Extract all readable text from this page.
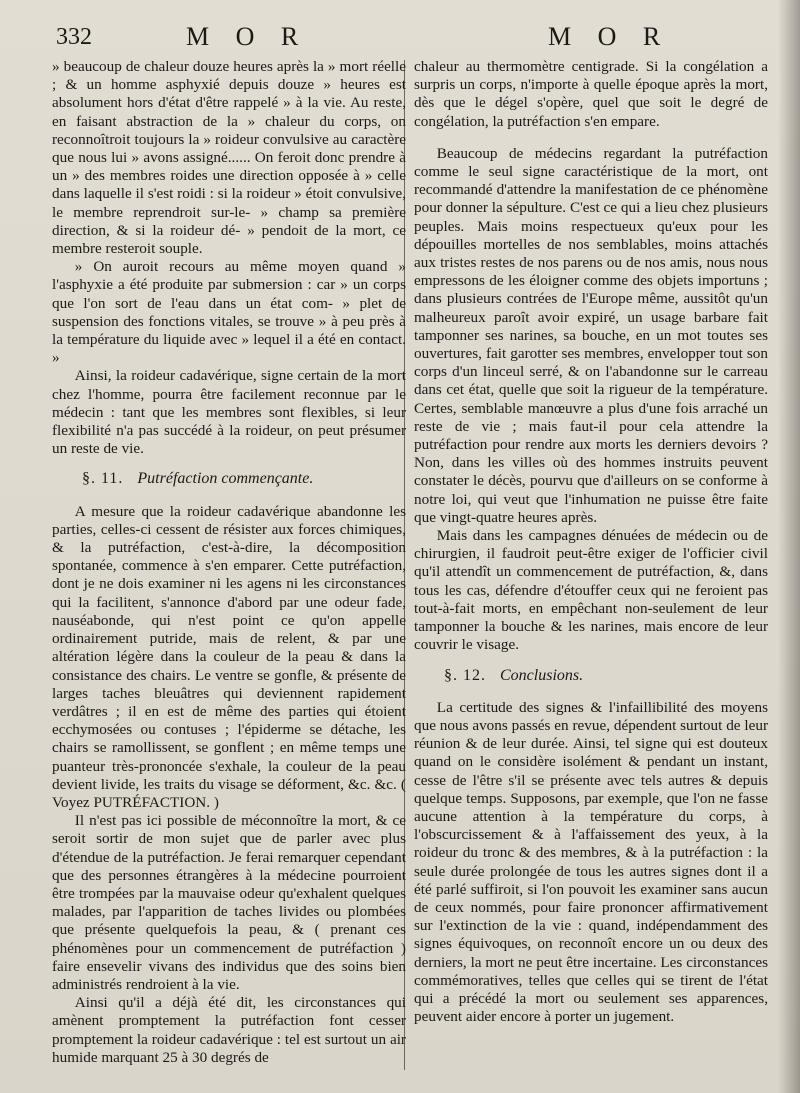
332	M O R	M O R

» beaucoup de chaleur douze heures après la » mort réelle ; & un homme asphyxié depuis douze » heures est absolument hors d'état d'être rappelé » à la vie. Au reste, en faisant abstraction de la » chaleur du corps, on reconnoîtroit toujours la » roideur convulsive au caractère que nous lui » avons assigné...... On feroit donc prendre à un » des membres roides une direction opposée à » celle dans laquelle il s'est roidi : si la roideur » étoit convulsive, le membre reprendroit sur-le- » champ sa première direction, & si la roideur dé- » pendoit de la mort, ce membre resteroit souple.

» On auroit recours au même moyen quand » l'asphyxie a été produite par submersion : car » un corps que l'on sort de l'eau dans un état com- » plet de suspension des fonctions vitales, se trouve » à peu près à la température du liquide avec » lequel il a été en contact. »

Ainsi, la roideur cadavérique, signe certain de la mort chez l'homme, pourra être facilement reconnue par le médecin : tant que les membres sont flexibles, si leur flexibilité n'a pas succédé à la roideur, on peut présumer un reste de vie.

§. 11. Putréfaction commençante.

A mesure que la roideur cadavérique abandonne les parties, celles-ci cessent de résister aux forces chimiques, & la putréfaction, c'est-à-dire, la décomposition spontanée, commence à s'en emparer. Cette putréfaction, dont je ne dois examiner ni les agens ni les circonstances qui la facilitent, s'annonce d'abord par une odeur fade, nauséabonde, qui n'est point ce qu'on appelle ordinairement putride, mais de relent, & par une altération légère dans la couleur de la peau & dans la consistance des chairs. Le ventre se gonfle, & présente de larges taches bleuâtres qui deviennent rapidement verdâtres ; il en est de même des parties qui étoient ecchymosées ou contuses ; l'épiderme se détache, les chairs se ramollissent, se gonflent ; en même temps une puanteur très-prononcée s'exhale, la couleur de la peau devient livide, les traits du visage se déforment, &c. &c. ( Voyez PUTRÉFACTION. )

Il n'est pas ici possible de méconnoître la mort, & ce seroit sortir de mon sujet que de parler avec plus d'étendue de la putréfaction. Je ferai remarquer cependant que des personnes étrangères à la médecine pourroient être trompées par la mauvaise odeur qu'exhalent quelques malades, par l'apparition de taches livides ou plombées que présente quelquefois la peau, & ( prenant ces phénomènes pour un commencement de putréfaction ) faire ensevelir vivans des individus que des soins bien administrés rendroient à la vie.

Ainsi qu'il a déjà été dit, les circonstances qui amènent promptement la putréfaction font cesser promptement la roideur cadavérique : tel est surtout un air humide marquant 25 à 30 degrés de

chaleur au thermomètre centigrade. Si la congélation a surpris un corps, n'importe à quelle époque après la mort, dès que le dégel s'opère, quel que soit le degré de congélation, la putréfaction s'en empare.

Beaucoup de médecins regardant la putréfaction comme le seul signe caractéristique de la mort, ont recommandé d'attendre la manifestation de ce phénomène pour donner la sépulture. C'est ce qui a lieu chez plusieurs peuples. Mais moins respectueux qu'eux pour les dépouilles mortelles de nos semblables, moins attachés aux tristes restes de nos parens ou de nos amis, nous nous empressons de les éloigner comme des objets importuns ; dans plusieurs contrées de l'Europe même, aussitôt qu'un malheureux paroît avoir expiré, un usage barbare fait tamponner ses narines, sa bouche, en un mot toutes ses ouvertures, fait garotter ses membres, envelopper tout son corps d'un linceul serré, & on l'abandonne sur le carreau dans cet état, quelle que soit la rigueur de la température. Certes, semblable manœuvre a plus d'une fois arraché un reste de vie ; mais faut-il pour cela attendre la putréfaction pour rendre aux morts les derniers devoirs ? Non, dans les villes où des hommes instruits peuvent constater le décès, pourvu que d'ailleurs on se conforme à notre loi, qui veut que l'inhumation ne puisse être faite que vingt-quatre heures après.

Mais dans les campagnes dénuées de médecin ou de chirurgien, il faudroit peut-être exiger de l'officier civil qu'il attendît un commencement de putréfaction, &, dans tous les cas, défendre d'étouffer ceux qui ne feroient pas tout-à-fait morts, en empêchant non-seulement de leur tamponner la bouche & les narines, mais encore de leur couvrir le visage.

§. 12. Conclusions.

La certitude des signes & l'infaillibilité des moyens que nous avons passés en revue, dépendent surtout de leur réunion & de leur durée. Ainsi, tel signe qui est douteux quand on le considère isolément & pendant un instant, cesse de l'être s'il se présente avec tels autres & depuis quelque temps. Supposons, par exemple, que l'on ne fasse aucune attention à la température du corps, à l'obscurcissement & à l'affaissement des yeux, à la roideur du tronc & des membres, & à la putréfaction : la seule durée prolongée de tous les autres signes dont il a été parlé suffiroit, si l'on pouvoit les examiner sans aucun de ceux nommés, pour faire prononcer affirmativement sur l'extinction de la vie : quand, indépendamment des signes équivoques, on reconnoît encore un ou deux des derniers, la mort ne peut être incertaine. Les circonstances commémoratives, telles que celles qui se tirent de l'état qui a précédé la mort ou seulement ses apparences, peuvent aider encore à porter un jugement.
